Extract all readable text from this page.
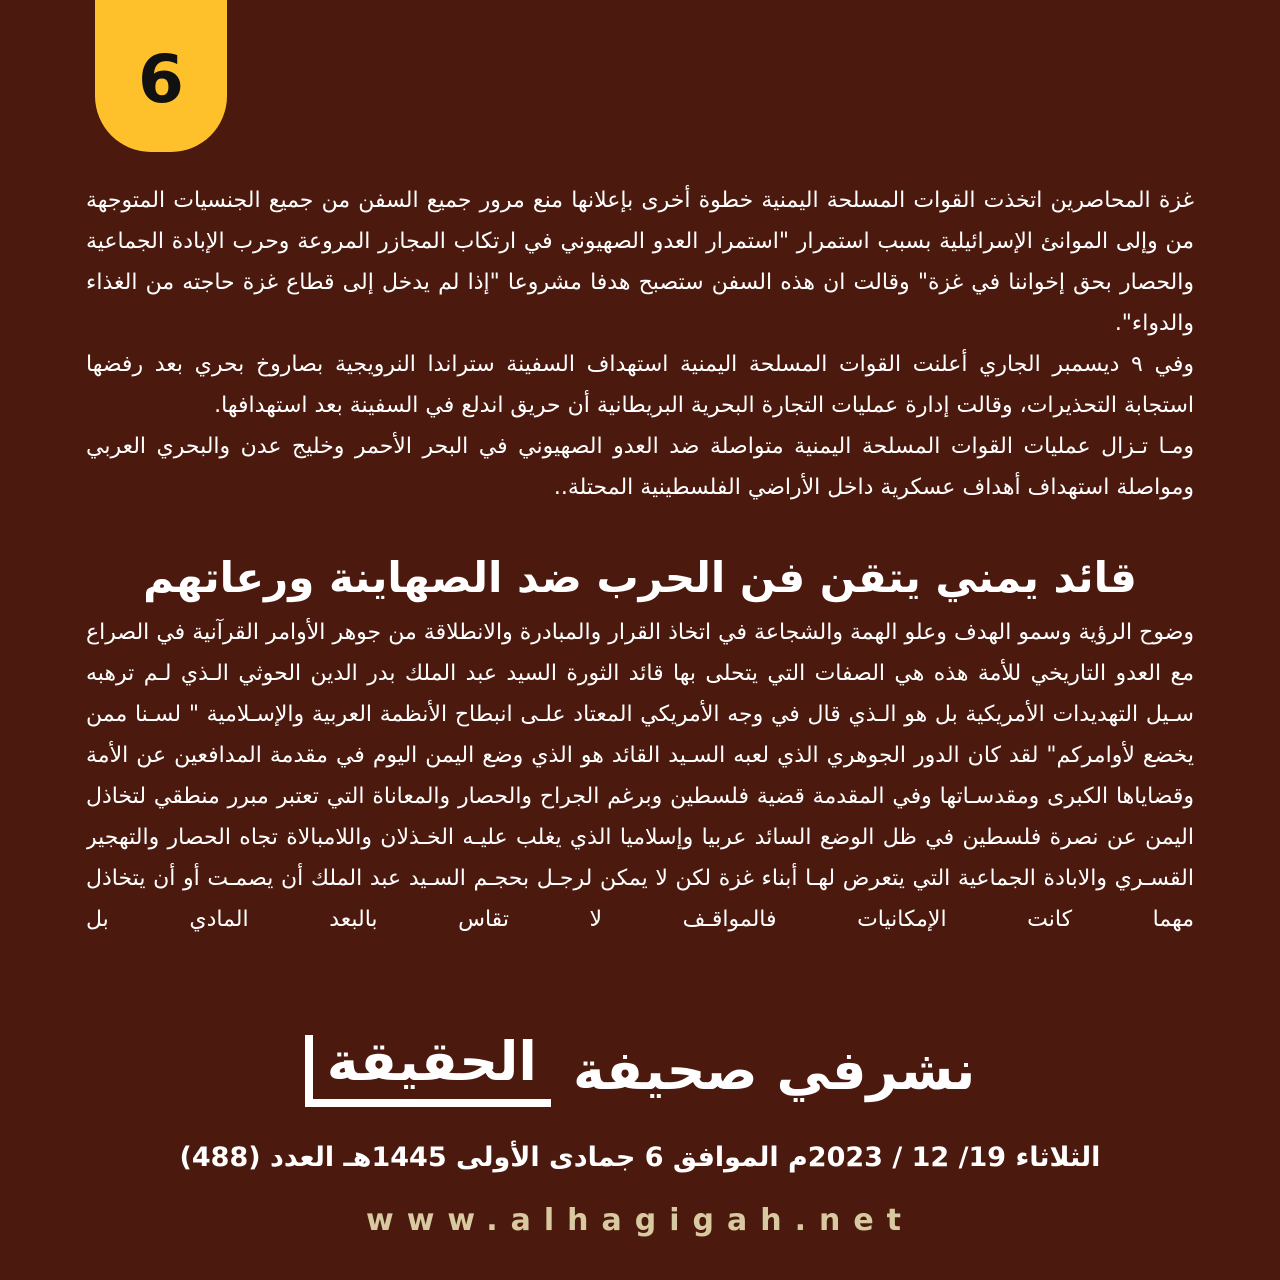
6

غزة المحاصرين اتخذت القوات المسلحة اليمنية خطوة أخرى بإعلانها منع مرور جميع السفن من جميع الجنسيات المتوجهة من وإلى الموانئ الإسرائيلية بسبب استمرار "استمرار العدو الصهيوني في ارتكاب المجازر المروعة وحرب الإبادة الجماعية والحصار بحق إخواننا في غزة" وقالت ان هذه السفن ستصبح هدفا مشروعا "إذا لم يدخل إلى قطاع غزة حاجته من الغذاء والدواء".

وفي ٩ ديسمبر الجاري أعلنت القوات المسلحة اليمنية استهداف السفينة ستراندا النرويجية بصاروخ بحري بعد رفضها استجابة التحذيرات، وقالت إدارة عمليات التجارة البحرية البريطانية أن حريق اندلع في السفينة بعد استهدافها.

ومـا تـزال عمليات القوات المسلحة اليمنية متواصلة ضد العدو الصهيوني في البحر الأحمر وخليج عدن والبحري العربي ومواصلة استهداف أهداف عسكرية داخل الأراضي الفلسطينية المحتلة..

قائد يمني يتقن فن الحرب ضد الصهاينة ورعاتهم

وضوح الرؤية وسمو الهدف وعلو الهمة والشجاعة في اتخاذ القرار والمبادرة والانطلاقة من جوهر الأوامر القرآنية في الصراع مع العدو التاريخي للأمة هذه هي الصفات التي يتحلى بها قائد الثورة السيد عبد الملك بدر الدين الحوثي الـذي لـم ترهبه سـيل التهديدات الأمريكية بل هو الـذي قال في وجه الأمريكي المعتاد علـى انبطاح الأنظمة العربية والإسـلامية " لسـنا ممن يخضع لأوامركم" لقد كان الدور الجوهري الذي لعبه السـيد القائد هو الذي وضع اليمن اليوم في مقدمة المدافعين عن الأمة وقضاياها الكبرى ومقدسـاتها وفي المقدمة قضية فلسطين وبرغم الجراح والحصار والمعاناة التي تعتبر مبرر منطقي لتخاذل اليمن عن نصرة فلسطين في ظل الوضع السائد عربيا وإسلاميا الذي يغلب عليـه الخـذلان واللامبالاة تجاه الحصار والتهجير القسـري والابادة الجماعية التي يتعرض لهـا أبناء غزة لكن لا يمكن لرجـل بحجـم السـيد عبد الملك أن يصمـت أو أن يتخاذل مهما كانت الإمكانيات فالمواقـف لا تقاس بالبعد المادي بل

نشرفي صحيفة
الحقيقة
الثلاثاء 19/ 12 / 2023م الموافق 6 جمادى الأولى 1445هـ العدد (488)
www.alhagigah.net
